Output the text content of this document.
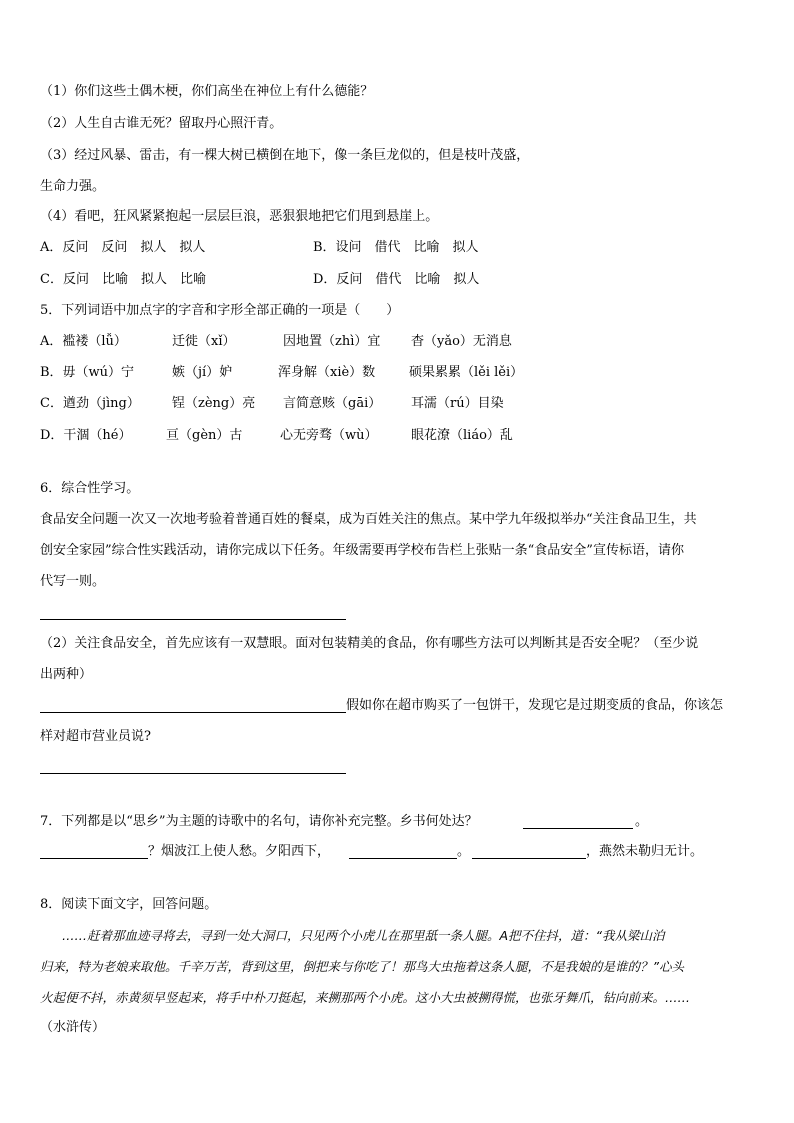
（1）你们这些土偶木梗，你们高坐在神位上有什么德能？
（2）人生自古谁无死？留取丹心照汗青。
（3）经过风暴、雷击，有一棵大树已横倒在地下，像一条巨龙似的，但是枝叶茂盛，
生命力强。
（4）看吧，狂风紧紧抱起一层层巨浪，恶狠狠地把它们甩到悬崖上。
A．反问　反问　拟人　拟人	B．设问　借代　比喻　拟人
C．反问　比喻　拟人　比喻	D．反问　借代　比喻　拟人
5．下列词语中加点字的字音和字形全部正确的一项是（　　）
A．褴褛（lǚ）	迁徙（xǐ）	因地置（zhì）宜 杳（yǎo）无消息
B．毋（wú）宁	嫉（jí）妒	浑身解（xiè）数	硕果累累（lěi lěi）
C．遒劲（jìng） 锃（zèng）亮 言简意赅（gāi） 耳濡（rú）目染
D．干涸（hé）	亘（gèn）古	心无旁骛（wù）	眼花潦（liáo）乱
6．综合性学习。
食品安全问题一次又一次地考验着普通百姓的餐桌，成为百姓关注的焦点。某中学九年级拟举办“关注食品卫生，共
创安全家园”综合性实践活动，请你完成以下任务。年级需要再学校布告栏上张贴一条“食品安全”宣传标语，请你
代写一则。
（2）关注食品安全，首先应该有一双慧眼。面对包装精美的食品，你有哪些方法可以判断其是否安全呢？（至少说
出两种）
假如你在超市购买了一包饼干，发现它是过期变质的食品，你该怎
样对超市营业员说?
7．下列都是以“思乡”为主题的诗歌中的名句，请你补充完整。乡书何处达？	。
？烟波江上使人愁。夕阳西下，	。	，燕然未勒归无计。
8．阅读下面文字，回答问题。
……赶着那血迹寻将去，寻到一处大洞口，只见两个小虎儿在那里舐一条人腿。A把不住抖，道：“我从梁山泊
归来，特为老娘来取他。千辛万苦，背到这里，倒把来与你吃了！那鸟大虫拖着这条人腿，不是我娘的是谁的？”心头
火起便不抖，赤黄须早竖起来，将手中朴刀挺起，来搠那两个小虎。这小大虫被搠得慌，也张牙舞爪，钻向前来。……
（水浒传）
